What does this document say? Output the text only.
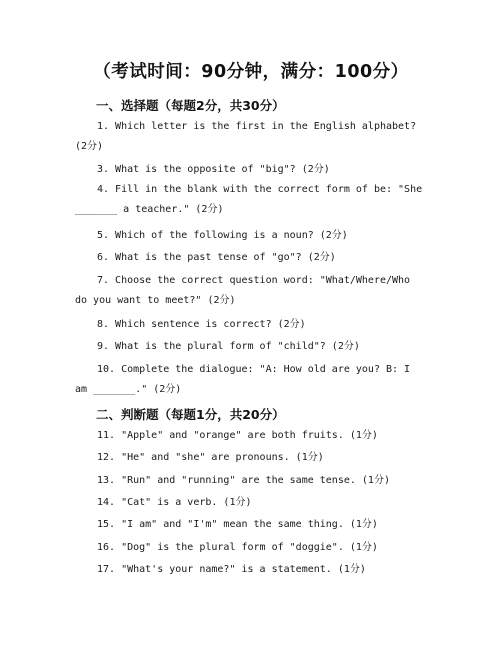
（考试时间：90分钟，满分：100分）
一、选择题（每题2分，共30分）
1. Which letter is the first in the English alphabet? (2分)
3. What is the opposite of "big"? (2分)
4. Fill in the blank with the correct form of be: "She _______ a teacher." (2分)
5. Which of the following is a noun? (2分)
6. What is the past tense of "go"? (2分)
7. Choose the correct question word: "What/Where/Who do you want to meet?" (2分)
8. Which sentence is correct? (2分)
9. What is the plural form of "child"? (2分)
10. Complete the dialogue: "A: How old are you? B: I am _______." (2分)
二、判断题（每题1分，共20分）
11. "Apple" and "orange" are both fruits. (1分)
12. "He" and "she" are pronouns. (1分)
13. "Run" and "running" are the same tense. (1分)
14. "Cat" is a verb. (1分)
15. "I am" and "I'm" mean the same thing. (1分)
16. "Dog" is the plural form of "doggie". (1分)
17. "What's your name?" is a statement. (1分)
